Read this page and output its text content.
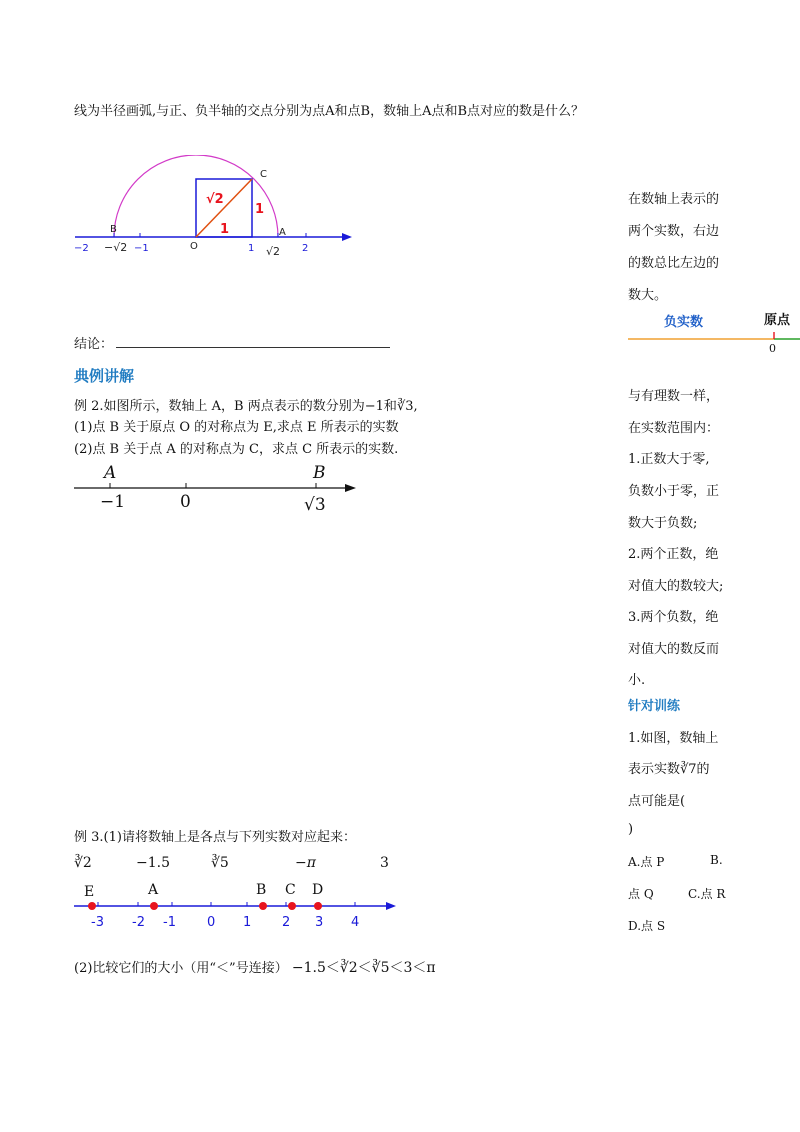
线为半径画弧,与正、负半轴的交点分别为点A和点B，数轴上A点和B点对应的数是什么？
C
B	A
√2
1
1
−2 −√2 −1	O	1 √2 2
结论：
典例讲解
例 2.如图所示，数轴上 A，B 两点表示的数分别为−1和∛3,
(1)点 B 关于原点 O 的对称点为 E,求点 E 所表示的实数
(2)点 B 关于点 A 的对称点为 C，求点 C 所表示的实数.
A	B
−1	0	√3
例 3.(1)请将数轴上是各点与下列实数对应起来：
∛2	−1.5	∛5	−π	3
E	A	B C D
-3 -2 -1 0 1 2 3 4
(2)比较它们的大小（用“＜”号连接） −1.5＜∛2＜∛5＜3＜π
在数轴上表示的
两个实数，右边
的数总比左边的
数大。
负实数	原点
0
与有理数一样，
在实数范围内：
1.正数大于零,
负数小于零，正
数大于负数;
2.两个正数，绝
对值大的数较大;
3.两个负数，绝
对值大的数反而
小.
针对训练
1.如图，数轴上
表示实数∛7的
点可能是(
)
A.点 P	B.
点 Q	C.点 R
D.点 S
